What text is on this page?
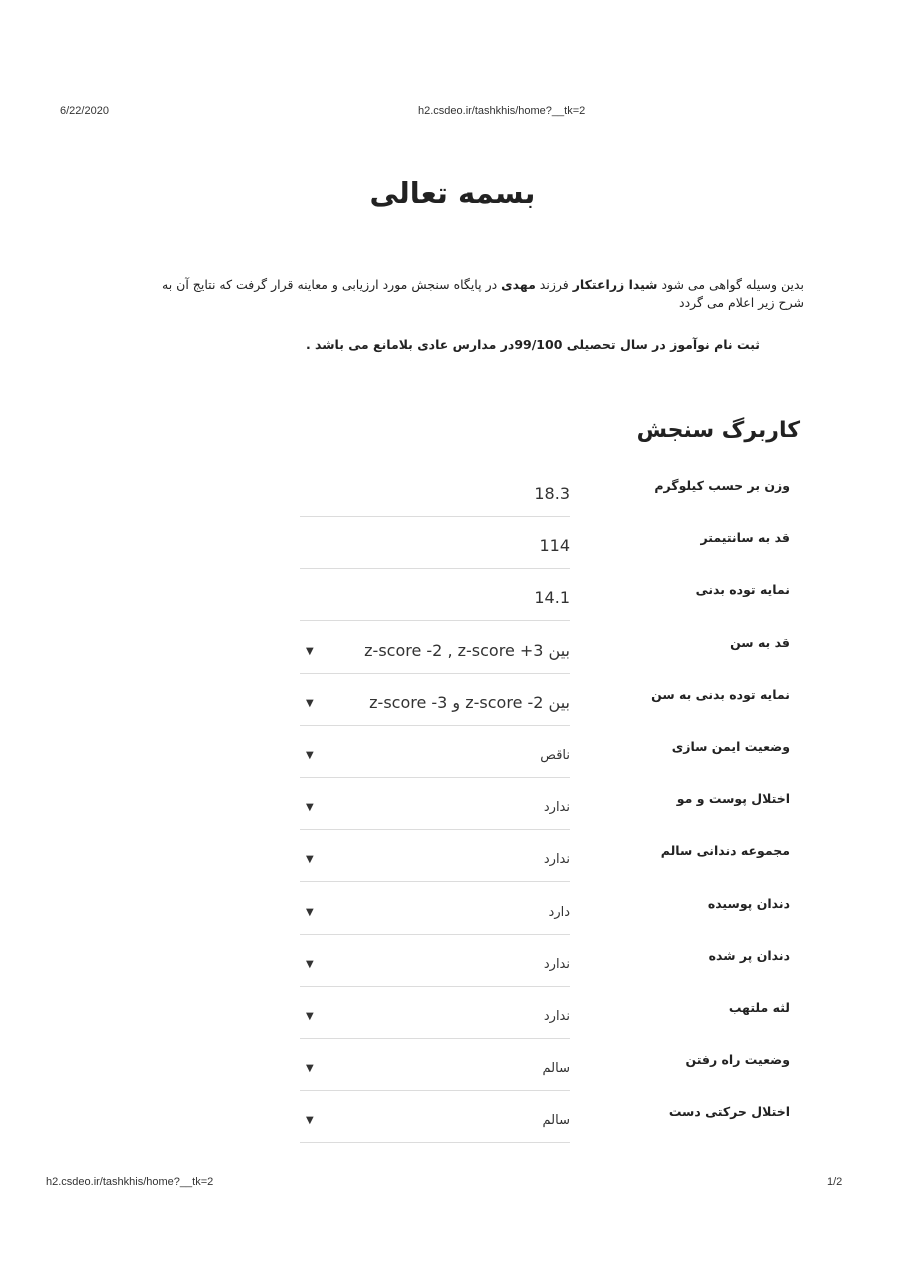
6/22/2020	h2.csdeo.ir/tashkhis/home?__tk=2
بسمه تعالی
بدین وسیله گواهی می شود شیدا زراعتکار فرزند مهدی در پایگاه سنجش مورد ارزیابی و معاینه قرار گرفت که نتایج آن به شرح زیر اعلام می گردد
ثبت نام نوآموز در سال تحصیلی 99/100در مدارس عادی بلامانع می باشد .
کاربرگ سنجش
وزن بر حسب کیلوگرم
18.3
قد به سانتیمتر
114
نمایه توده بدنی
14.1
قد به سن
بین z-score -2 , z-score +3
▼
نمایه توده بدنی به سن
بین z-score -2 و z-score -3
▼
وضعیت ایمن سازی
ناقص
▼
اختلال پوست و مو
ندارد
▼
مجموعه دندانی سالم
ندارد
▼
دندان پوسیده
دارد
▼
دندان پر شده
ندارد
▼
لثه ملتهب
ندارد
▼
وضعیت راه رفتن
سالم
▼
اختلال حرکتی دست
سالم
▼
h2.csdeo.ir/tashkhis/home?__tk=2	1/2
